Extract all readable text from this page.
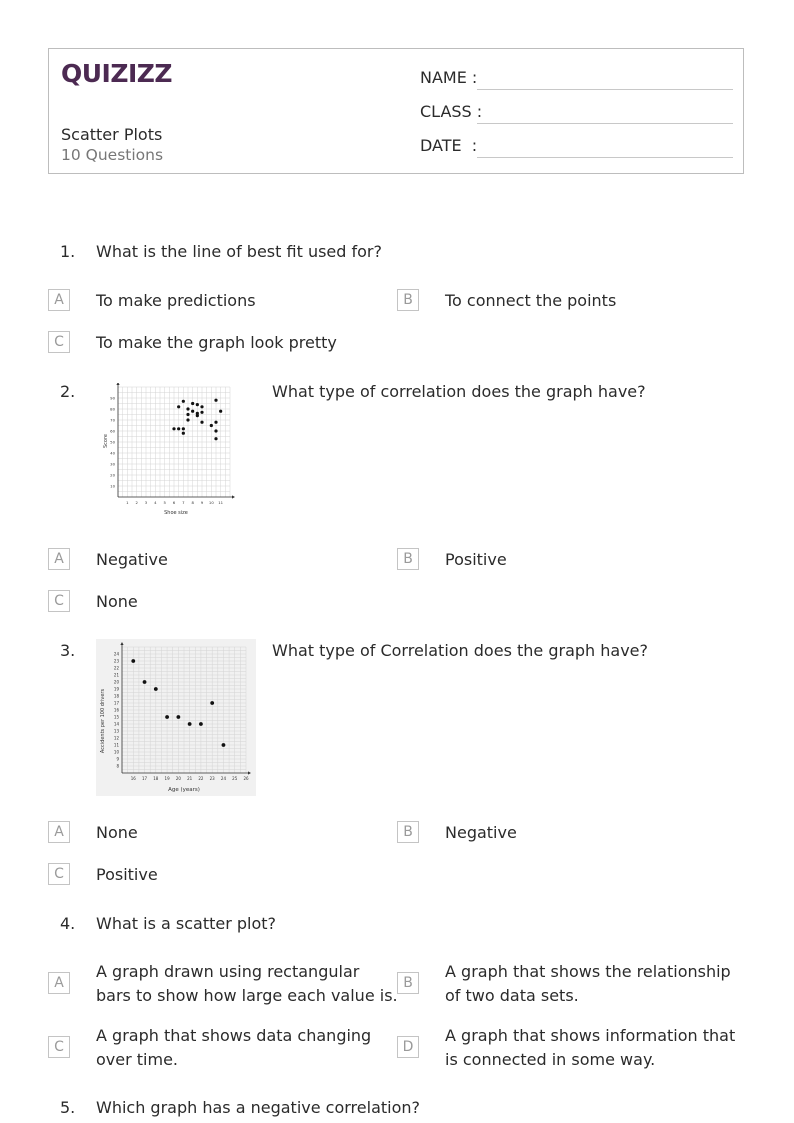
QUIZIZZ
Scatter Plots
10 Questions
NAME :
CLASS :
DATE  :
1. What is the line of best fit used for?
A	To make predictions	B	To connect the points
C	To make the graph look pretty
2.
1 2 3 4 5 6 7 8 9 10 11
10
20
30
40
50
60
70
80
90
Shoe size
Score
What type of correlation does the graph have?
A	Negative	B	Positive
C	None
3.
16 17 18 19 20 21 22 23 24 25 26
8
9
10
11
12
13
14
15
16
17
18
19
20
21
22
23
24
Age (years)
Accidents per 100 drivers
What type of Correlation does the graph have?
A	None	B	Negative
C	Positive
4. What is a scatter plot?
A
A graph drawn using rectangular bars to show how large each value is.
B
A graph that shows the relationship of two data sets.
C
A graph that shows data changing over time.
D
A graph that shows information that is connected in some way.
5. Which graph has a negative correlation?
